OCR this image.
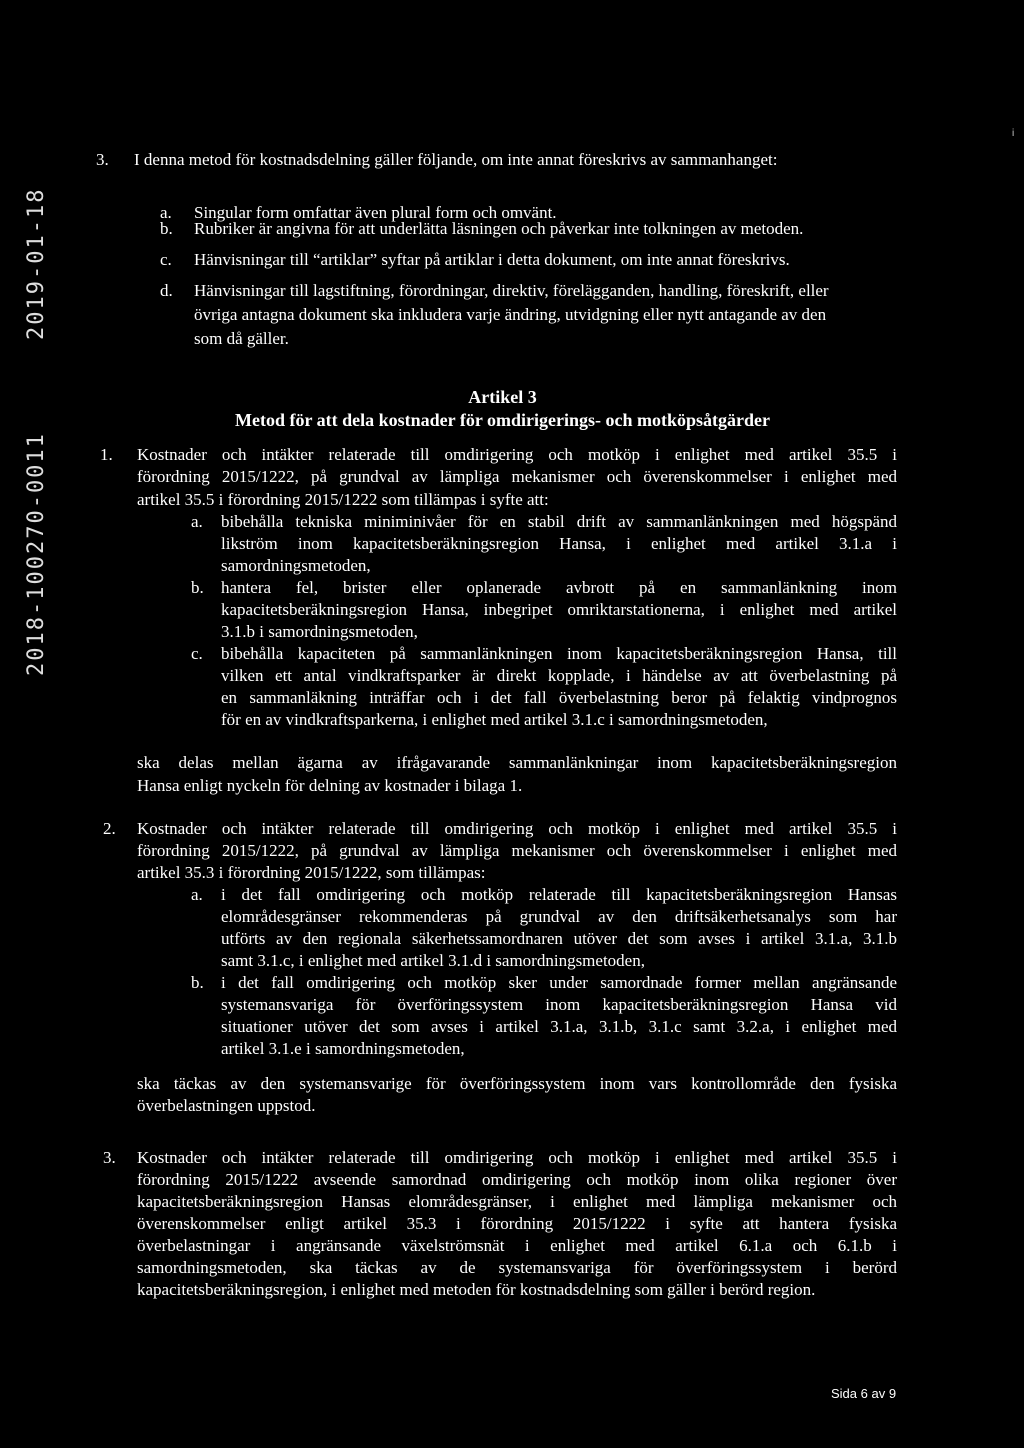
2019-01-18
2018-100270-0011
i
3. I denna metod för kostnadsdelning gäller följande, om inte annat föreskrivs av sammanhanget:
a. Singular form omfattar även plural form och omvänt.
b. Rubriker är angivna för att underlätta läsningen och påverkar inte tolkningen av metoden.
c. Hänvisningar till “artiklar” syftar på artiklar i detta dokument, om inte annat föreskrivs.
d. Hänvisningar till lagstiftning, förordningar, direktiv, förelägganden, handling, föreskrift, eller
övriga antagna dokument ska inkludera varje ändring, utvidgning eller nytt antagande av den
som då gäller.
Artikel 3
Metod för att dela kostnader för omdirigerings- och motköpsåtgärder
1. Kostnader och intäkter relaterade till omdirigering och motköp i enlighet med artikel 35.5 i
förordning 2015/1222, på grundval av lämpliga mekanismer och överenskommelser i enlighet med
artikel 35.5 i förordning 2015/1222 som tillämpas i syfte att:
a. bibehålla tekniska miniminivåer för en stabil drift av sammanlänkningen med högspänd
likström inom kapacitetsberäkningsregion Hansa, i enlighet med artikel 3.1.a i
samordningsmetoden,
b. hantera fel, brister eller oplanerade avbrott på en sammanlänkning inom
kapacitetsberäkningsregion Hansa, inbegripet omriktarstationerna, i enlighet med artikel
3.1.b i samordningsmetoden,
c. bibehålla kapaciteten på sammanlänkningen inom kapacitetsberäkningsregion Hansa, till
vilken ett antal vindkraftsparker är direkt kopplade, i händelse av att överbelastning på
en sammanläkning inträffar och i det fall överbelastning beror på felaktig vindprognos
för en av vindkraftsparkerna, i enlighet med artikel 3.1.c i samordningsmetoden,
ska delas mellan ägarna av ifrågavarande sammanlänkningar inom kapacitetsberäkningsregion
Hansa enligt nyckeln för delning av kostnader i bilaga 1.
2. Kostnader och intäkter relaterade till omdirigering och motköp i enlighet med artikel 35.5 i
förordning 2015/1222, på grundval av lämpliga mekanismer och överenskommelser i enlighet med
artikel 35.3 i förordning 2015/1222, som tillämpas:
a. i det fall omdirigering och motköp relaterade till kapacitetsberäkningsregion Hansas
elområdesgränser rekommenderas på grundval av den driftsäkerhetsanalys som har
utförts av den regionala säkerhetssamordnaren utöver det som avses i artikel 3.1.a, 3.1.b
samt 3.1.c, i enlighet med artikel 3.1.d i samordningsmetoden,
b. i det fall omdirigering och motköp sker under samordnade former mellan angränsande
systemansvariga för överföringssystem inom kapacitetsberäkningsregion Hansa vid
situationer utöver det som avses i artikel 3.1.a, 3.1.b, 3.1.c samt 3.2.a, i enlighet med
artikel 3.1.e i samordningsmetoden,
ska täckas av den systemansvarige för överföringssystem inom vars kontrollområde den fysiska
överbelastningen uppstod.
3. Kostnader och intäkter relaterade till omdirigering och motköp i enlighet med artikel 35.5 i
förordning 2015/1222 avseende samordnad omdirigering och motköp inom olika regioner över
kapacitetsberäkningsregion Hansas elområdesgränser, i enlighet med lämpliga mekanismer och
överenskommelser enligt artikel 35.3 i förordning 2015/1222 i syfte att hantera fysiska
överbelastningar i angränsande växelströmsnät i enlighet med artikel 6.1.a och 6.1.b i
samordningsmetoden, ska täckas av de systemansvariga för överföringssystem i berörd
kapacitetsberäkningsregion, i enlighet med metoden för kostnadsdelning som gäller i berörd region.
Sida 6 av 9
